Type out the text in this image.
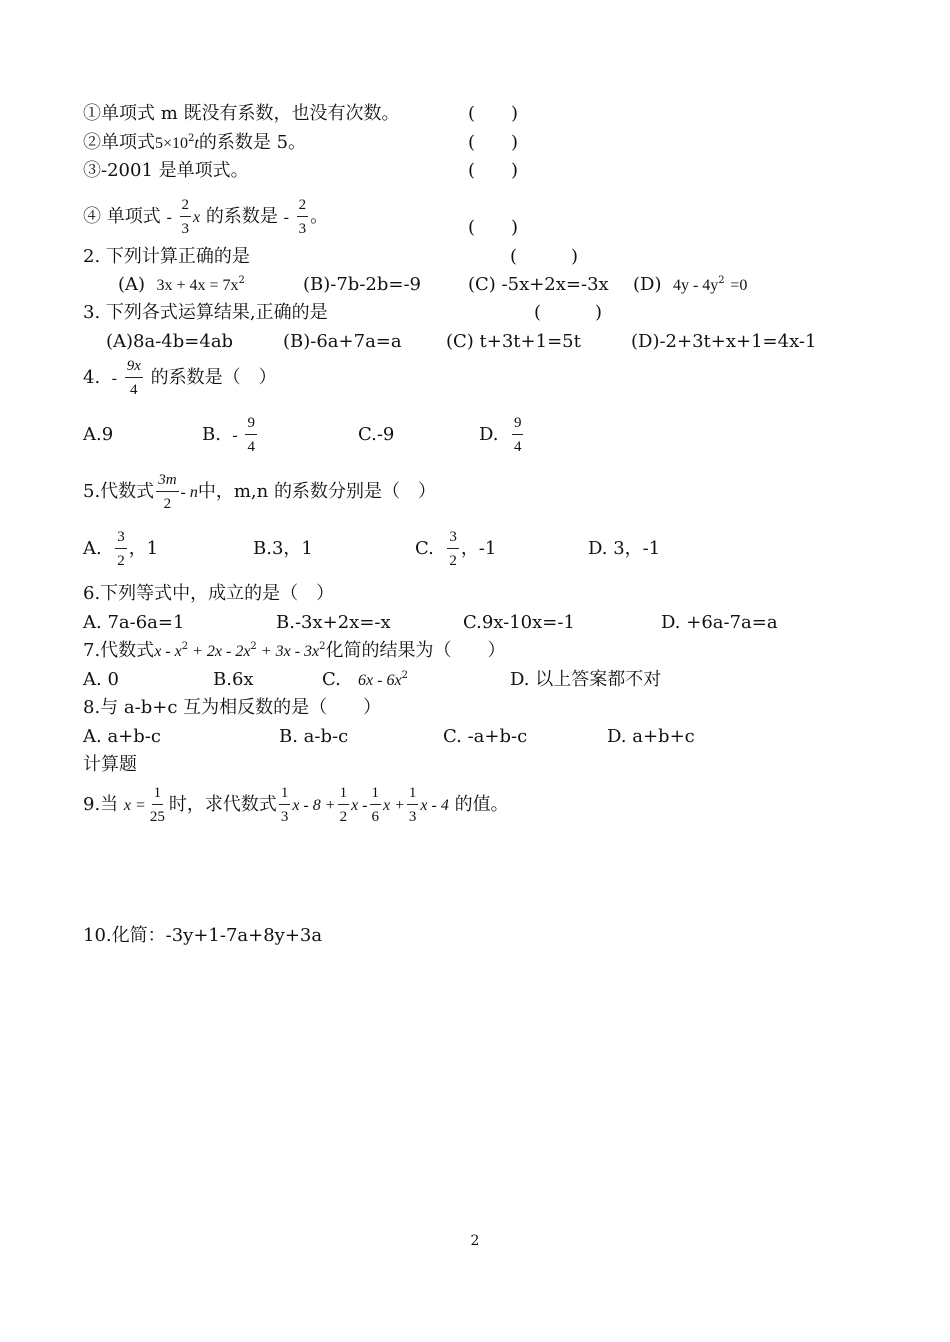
①单项式 m 既没有系数，也没有次数。	(　　)
②单项式$5\times 10^2t$的系数是 5。	(　　)
③-2001 是单项式。	(　　)
④ 单项式 - $\frac{2}{3}$ x 的系数是 - $\frac{2}{3}$ 。
(　　)
2. 下列计算正确的是	(　　　)
(A) $3x + 4x = 7x^2$	(B)-7b-2b=-9	(C) -5x+2x=-3x (D) $4y - 4y^2 =0$
3. 下列各式运算结果,正确的是	(　　　)
(A)8a-4b=4ab	(B)-6a+7a=a (C) t+3t+1=5t	(D)-2+3t+x+1=4x-1
4. - $\frac{9x}{4}$ 的系数是（　）
A.9	B. - $\frac{9}{4}$	C.-9	D. $\frac{9}{4}$
5.代数式 $\frac{3m}{2}$ - n中，m,n 的系数分别是（　）
A. $\frac{3}{2}$ ，1	B.3，1	C. $\frac{3}{2}$ ，-1	D. 3，-1
6.下列等式中，成立的是（　）
A. 7a-6a=1	B.-3x+2x=-x	C.9x-10x=-1	D. +6a-7a=a
7.代数式$x - x^2 + 2x - 2x^2 + 3x - 3x^2$化简的结果为（　　）
A. 0	B.6x	C. $6x - 6x^2$	D. 以上答案都不对
8.与 a-b+c 互为相反数的是（　　）
A. a+b-c	B. a-b-c	C. -a+b-c	D. a+b+c
计算题
9.当 $x = \frac{1}{25}$ 时，求代数式 $\frac{1}{3}$ $x - 8 + \frac{1}{2}$ x - $\frac{1}{6}$ $x + \frac{1}{3}$ x - 4 的值。
10.化简：-3y+1-7a+8y+3a
2
